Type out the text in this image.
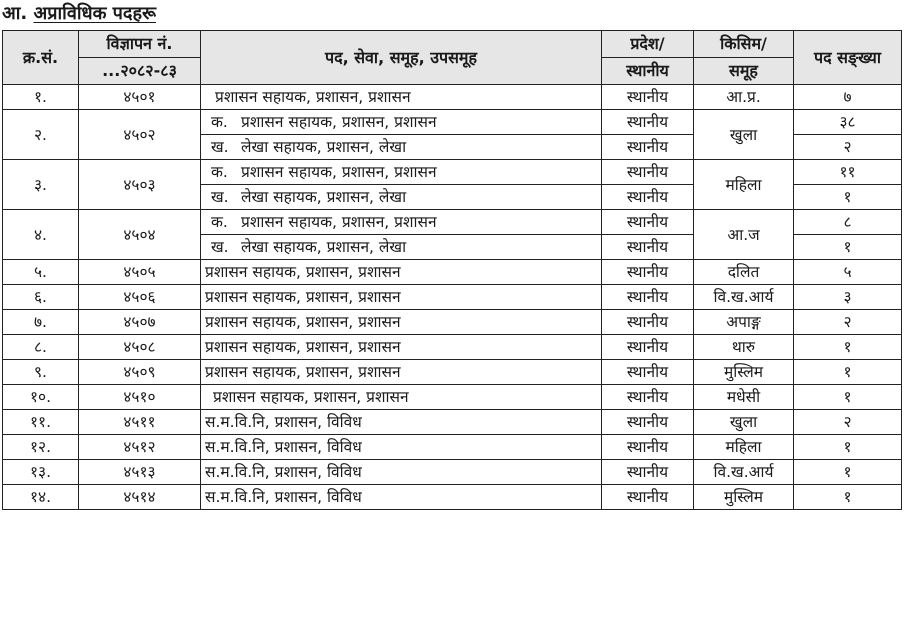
आ. अप्राविधिक पदहरू
क्र.सं.	विज्ञापन नं.	पद, सेवा, समूह, उपसमूह	प्रदेश/	किसिम/	पद सङ्ख्या
	...२०८२-८३		स्थानीय	समूह	
१.	४५०१	प्रशासन सहायक, प्रशासन, प्रशासन	स्थानीय	आ.प्र.	७
२.	४५०२	क. प्रशासन सहायक, प्रशासन, प्रशासन	स्थानीय	खुला	३८
		ख. लेखा सहायक, प्रशासन, लेखा	स्थानीय		२
३.	४५०३	क. प्रशासन सहायक, प्रशासन, प्रशासन	स्थानीय	महिला	११
		ख. लेखा सहायक, प्रशासन, लेखा	स्थानीय		१
४.	४५०४	क. प्रशासन सहायक, प्रशासन, प्रशासन	स्थानीय	आ.ज	८
		ख. लेखा सहायक, प्रशासन, लेखा	स्थानीय		१
५.	४५०५	प्रशासन सहायक, प्रशासन, प्रशासन	स्थानीय	दलित	५
६.	४५०६	प्रशासन सहायक, प्रशासन, प्रशासन	स्थानीय	वि.ख.आर्य	३
७.	४५०७	प्रशासन सहायक, प्रशासन, प्रशासन	स्थानीय	अपाङ्ग	२
८.	४५०८	प्रशासन सहायक, प्रशासन, प्रशासन	स्थानीय	थारु	१
९.	४५०९	प्रशासन सहायक, प्रशासन, प्रशासन	स्थानीय	मुस्लिम	१
१०.	४५१०	प्रशासन सहायक, प्रशासन, प्रशासन	स्थानीय	मधेसी	१
११.	४५११	स.म.वि.नि, प्रशासन, विविध	स्थानीय	खुला	२
१२.	४५१२	स.म.वि.नि, प्रशासन, विविध	स्थानीय	महिला	१
१३.	४५१३	स.म.वि.नि, प्रशासन, विविध	स्थानीय	वि.ख.आर्य	१
१४.	४५१४	स.म.वि.नि, प्रशासन, विविध	स्थानीय	मुस्लिम	१
